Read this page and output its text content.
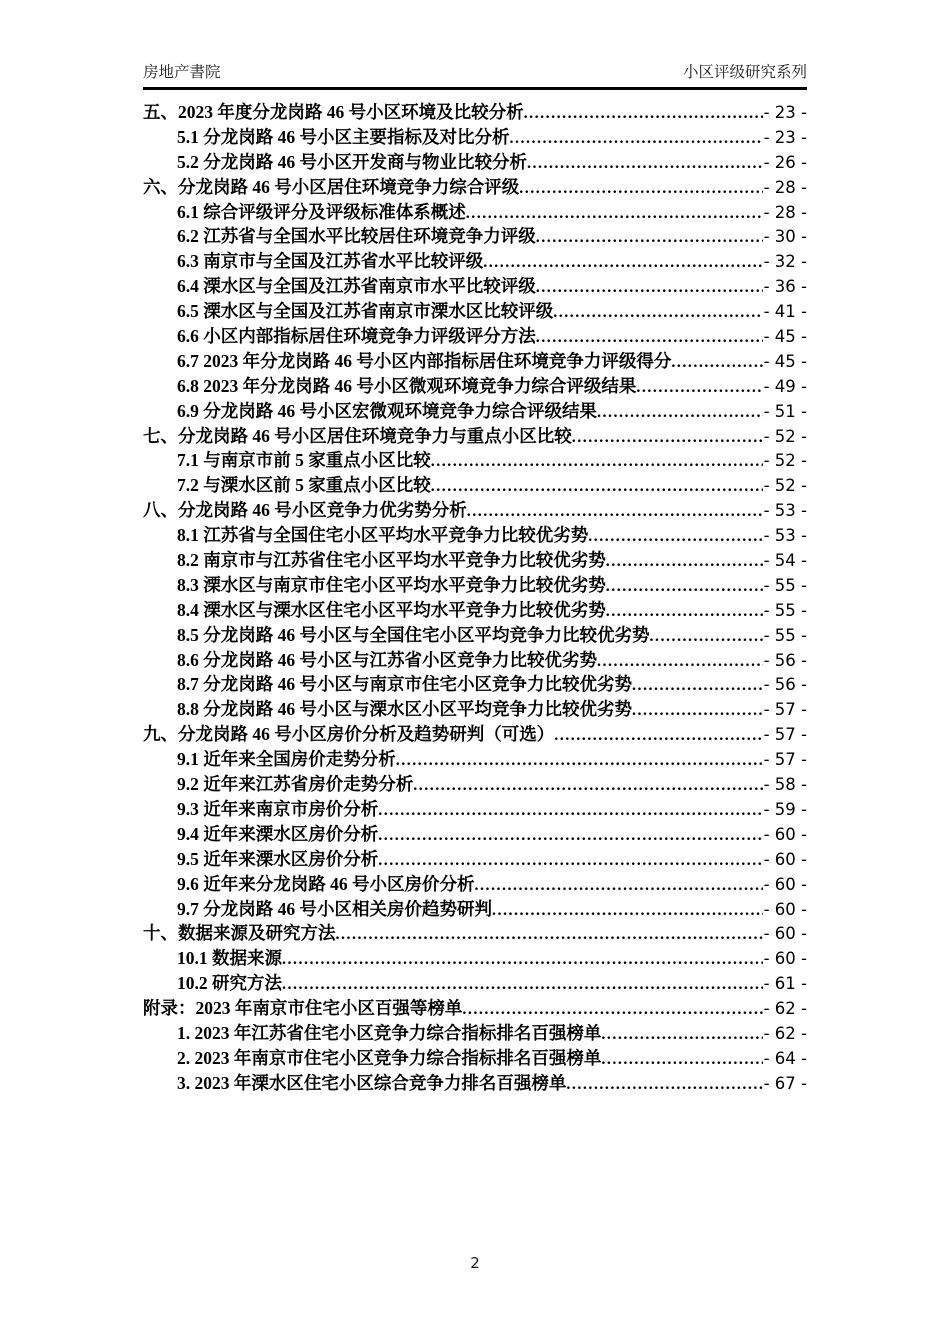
房地产書院	小区评级研究系列
五、2023 年度分龙岗路 46 号小区环境及比较分析 .....	- 23 -
5.1 分龙岗路 46 号小区主要指标及对比分析 .....	- 23 -
5.2 分龙岗路 46 号小区开发商与物业比较分析 .....	- 26 -
六、分龙岗路 46 号小区居住环境竞争力综合评级 .....	- 28 -
6.1 综合评级评分及评级标准体系概述 .....	- 28 -
6.2 江苏省与全国水平比较居住环境竞争力评级 .....	- 30 -
6.3 南京市与全国及江苏省水平比较评级 .....	- 32 -
6.4 溧水区与全国及江苏省南京市水平比较评级 .....	- 36 -
6.5 溧水区与全国及江苏省南京市溧水区比较评级 .....	- 41 -
6.6 小区内部指标居住环境竞争力评级评分方法 .....	- 45 -
6.7 2023 年分龙岗路 46 号小区内部指标居住环境竞争力评级得分 .....	- 45 -
6.8 2023 年分龙岗路 46 号小区微观环境竞争力综合评级结果 .....	- 49 -
6.9 分龙岗路 46 号小区宏微观环境竞争力综合评级结果 .....	- 51 -
七、分龙岗路 46 号小区居住环境竞争力与重点小区比较 .....	- 52 -
7.1 与南京市前 5 家重点小区比较 .....	- 52 -
7.2 与溧水区前 5 家重点小区比较 .....	- 52 -
八、分龙岗路 46 号小区竞争力优劣势分析 .....	- 53 -
8.1 江苏省与全国住宅小区平均水平竞争力比较优劣势 .....	- 53 -
8.2 南京市与江苏省住宅小区平均水平竞争力比较优劣势 .....	- 54 -
8.3 溧水区与南京市住宅小区平均水平竞争力比较优劣势 .....	- 55 -
8.4 溧水区与溧水区住宅小区平均水平竞争力比较优劣势 .....	- 55 -
8.5 分龙岗路 46 号小区与全国住宅小区平均竞争力比较优劣势 .....	- 55 -
8.6 分龙岗路 46 号小区与江苏省小区竞争力比较优劣势 .....	- 56 -
8.7 分龙岗路 46 号小区与南京市住宅小区竞争力比较优劣势 .....	- 56 -
8.8 分龙岗路 46 号小区与溧水区小区平均竞争力比较优劣势 .....	- 57 -
九、分龙岗路 46 号小区房价分析及趋势研判（可选） .....	- 57 -
9.1 近年来全国房价走势分析 .....	- 57 -
9.2 近年来江苏省房价走势分析 .....	- 58 -
9.3 近年来南京市房价分析 .....	- 59 -
9.4 近年来溧水区房价分析 .....	- 60 -
9.5 近年来溧水区房价分析 .....	- 60 -
9.6 近年来分龙岗路 46 号小区房价分析 .....	- 60 -
9.7 分龙岗路 46 号小区相关房价趋势研判 .....	- 60 -
十、数据来源及研究方法 .....	- 60 -
10.1 数据来源 .....	- 60 -
10.2 研究方法 .....	- 61 -
附录：2023 年南京市住宅小区百强等榜单 .....	- 62 -
1. 2023 年江苏省住宅小区竞争力综合指标排名百强榜单 .....	- 62 -
2. 2023 年南京市住宅小区竞争力综合指标排名百强榜单 .....	- 64 -
3. 2023 年溧水区住宅小区综合竞争力排名百强榜单 .....	- 67 -
2
